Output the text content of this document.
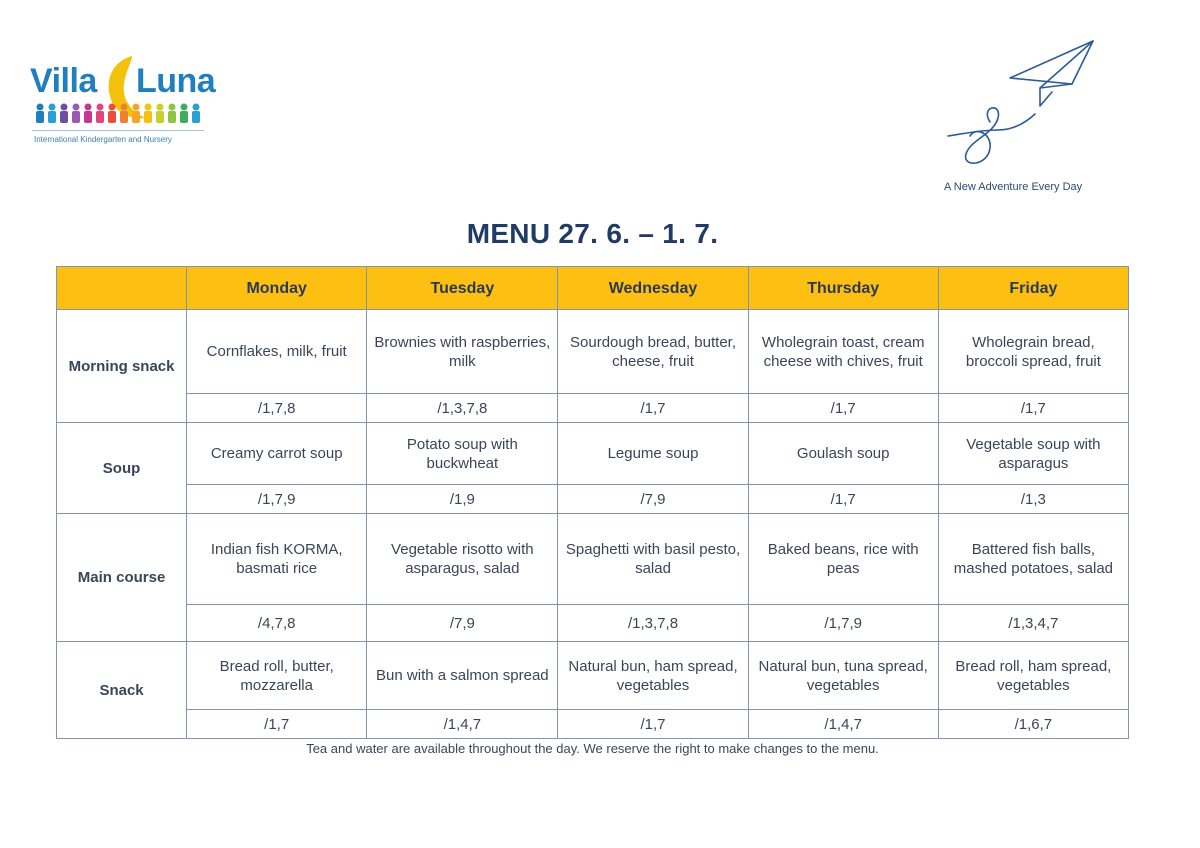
Villa Luna
International Kindergarten and Nursery
A New Adventure Every Day
MENU 27. 6. – 1. 7.
	Monday	Tuesday	Wednesday	Thursday	Friday
Morning snack	Cornflakes, milk, fruit	Brownies with raspberries, milk	Sourdough bread, butter, cheese, fruit	Wholegrain toast, cream cheese with chives, fruit	Wholegrain bread, broccoli spread, fruit
	/1,7,8	/1,3,7,8	/1,7	/1,7	/1,7
Soup	Creamy carrot soup	Potato soup with buckwheat	Legume soup	Goulash soup	Vegetable soup with asparagus
	/1,7,9	/1,9	/7,9	/1,7	/1,3
Main course	Indian fish KORMA, basmati rice	Vegetable risotto with asparagus, salad	Spaghetti with basil pesto, salad	Baked beans, rice with peas	Battered fish balls, mashed potatoes, salad
	/4,7,8	/7,9	/1,3,7,8	/1,7,9	/1,3,4,7
Snack	Bread roll, butter, mozzarella	Bun with a salmon spread	Natural bun, ham spread, vegetables	Natural bun, tuna spread, vegetables	Bread roll, ham spread, vegetables
	/1,7	/1,4,7	/1,7	/1,4,7	/1,6,7
Tea and water are available throughout the day. We reserve the right to make changes to the menu.
